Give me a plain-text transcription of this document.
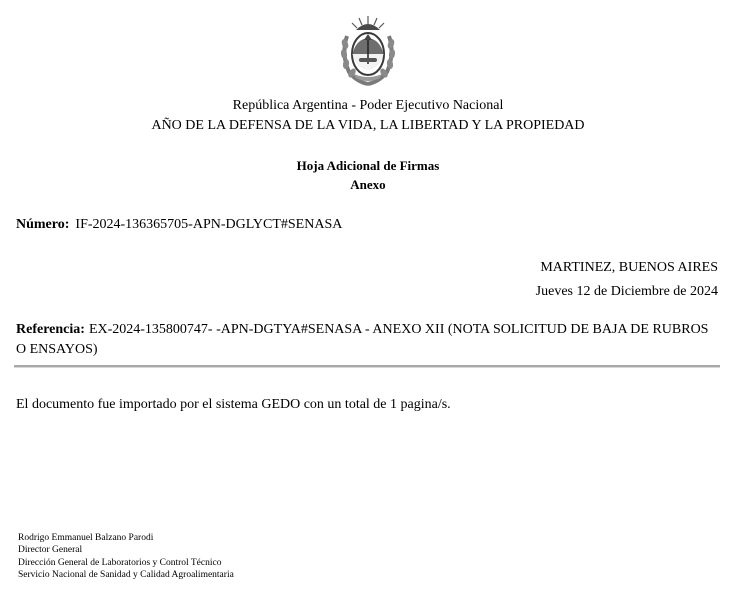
República Argentina - Poder Ejecutivo Nacional
AÑO DE LA DEFENSA DE LA VIDA, LA LIBERTAD Y LA PROPIEDAD
Hoja Adicional de Firmas
Anexo
Número: IF-2024-136365705-APN-DGLYCT#SENASA
MARTINEZ, BUENOS AIRES
Jueves 12 de Diciembre de 2024
Referencia: EX-2024-135800747- -APN-DGTYA#SENASA - ANEXO XII (NOTA SOLICITUD DE BAJA DE RUBROS O ENSAYOS)
El documento fue importado por el sistema GEDO con un total de 1 pagina/s.
Rodrigo Emmanuel Balzano Parodi
Director General
Dirección General de Laboratorios y Control Técnico
Servicio Nacional de Sanidad y Calidad Agroalimentaria
